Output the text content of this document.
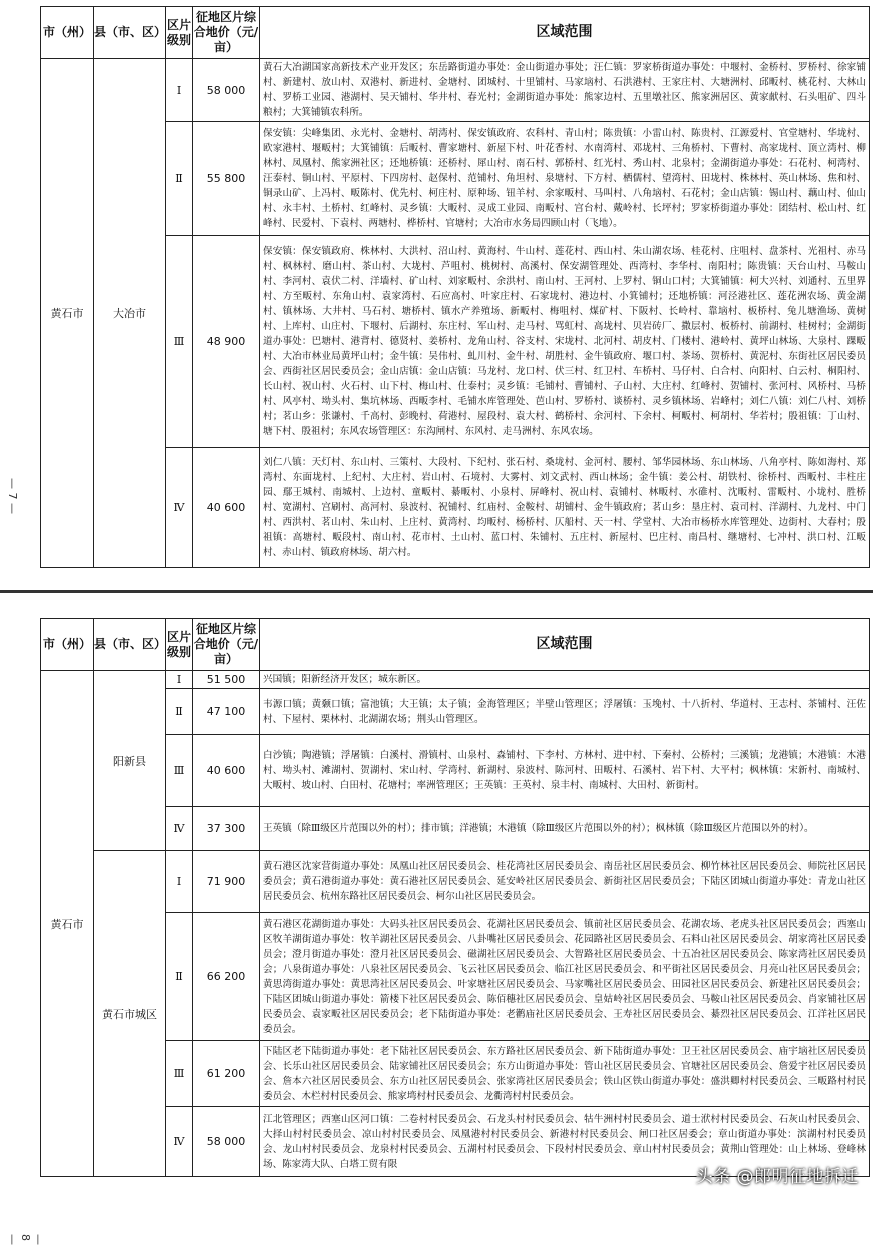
— 7 —
市（州）	县（市、区）	区片级别	征地区片综合地价（元/亩）	区域范围
黄石市	大冶市	Ⅰ	58 000	黄石大冶湖国家高新技术产业开发区；东岳路街道办事处：金山街道办事处；汪仁镇：罗家桥街道办事处：中堰村、金桥村、罗桥村、徐家铺村、新建村、放山村、双港村、新进村、金塘村、团城村、十里铺村、马家垴村、石洪港村、王家庄村、大塘洲村、邱畈村、桃花村、大林山村、罗桥工业园、港湖村、吴天铺村、华井村、春光村；金湖街道办事处：熊家边村、五里墩社区、熊家洲居区、黄家献村、石头咀矿、四斗粮村；大箕铺镇农科所。
		Ⅱ	55 800	保安镇：尖峰集团、永光村、金塘村、胡湾村、保安镇政府、农科村、青山村；陈贵镇：小雷山村、陈贵村、江源爱村、官堂塘村、华垅村、欧家港村、堰畈村；大箕铺镇：后畈村、曹家塘村、新屋下村、叶花香村、水南湾村、邓垅村、三角桥村、下曹村、高家垅村、顶立湾村、柳林村、凤凰村、熊家洲社区；还地桥镇：还桥村、犀山村、南石村、郭桥村、红光村、秀山村、北泉村；金湖街道办事处：石花村、柯湾村、汪泰村、铜山村、平原村、下四房村、赵保村、范铺村、角坦村、泉塘村、下方村、栖儒村、望湾村、田垅村、株林村、英山林场、焦和村、铜录山矿、上冯村、畈陈村、优先村、柯庄村、原种场、钮羊村、余家畈村、马叫村、八角垴村、石花村；金山店镇：锡山村、藕山村、仙山村、永丰村、土桥村、红峰村、灵乡镇：大畈村、灵成工业园、南畈村、宫台村、戴岭村、长坪村；罗家桥街道办事处：团结村、松山村、红峰村、民爱村、下袁村、两塘村、桦桥村、官塘村；大冶市水务局四顾山村（飞地）。
		Ⅲ	48 900	保安镇：保安镇政府、株林村、大洪村、沼山村、黄海村、牛山村、莲花村、西山村、朱山湖农场、桂花村、庄咀村、盘茶村、光祖村、赤马村、枫林村、磨山村、茶山村、大垅村、芦咀村、桃树村、高溪村、保安湖管理处、西湾村、李华村、南阳村；陈贵镇：天台山村、马鞍山村、李河村、袁伏二村、洋墙村、矿山村、刘家畈村、余洪村、南山村、王河村、上罗村、铜山口村；大箕铺镇：柯大兴村、刘通村、五里界村、方至畈村、东角山村、袁家湾村、石应高村、叶家庄村、石家垅村、港边村、小箕铺村；还地桥镇：河泾港社区、莲花洲农场、黄金湖村、镇林场、大井村、马石村、塘桥村、镇水产养殖场、新畈村、梅咀村、煤矿村、下阪村、长岭村、靠垴村、板桥村、兔儿塘渔场、黄树村、上库村、山庄村、下堰村、后湖村、东庄村、军山村、走马村、骂虹村、高垅村、贝岩砖厂、撒层村、板桥村、前湖村、桂树村；金湖街道办事处：巴塘村、港背村、德贤村、姜桥村、龙角山村、谷支村、宋垅村、北河村、胡皮村、门楼村、港岭村、黄坪山林场、大泉村、踝畈村、大冶市林业局黄坪山村；金牛镇：吴伟村、虬川村、金牛村、胡胜村、金牛镇政府、堰口村、茶场、贺桥村、黄泥村、东街社区居民委员会、西街社区居民委员会；金山店镇：金山店镇：马龙村、龙口村、伏三村、红卫村、车桥村、马仔村、白合村、向阳村、白云村、桐阳村、长山村、祝山村、火石村、山下村、梅山村、仕泰村；灵乡镇：毛铺村、曹铺村、子山村、大庄村、红峰村、贺铺村、张河村、风桥村、马桥村、风亭村、坳头村、集坑林场、西畈李村、毛铺水库管理处、芭山村、罗桥村、谈桥村、灵乡镇林场、岩峰村；刘仁八镇：刘仁八村、刘桥村；茗山乡：张谦村、千高村、彭晚村、荷港村、屋段村、袁大村、鹤桥村、余河村、下余村、柯畈村、柯胡村、华若村；殷祖镇：丁山村、塘下村、殷祖村；东风农场管理区：东沟闸村、东风村、走马洲村、东风农场。
		Ⅳ	40 600	刘仁八镇：天灯村、东山村、三策村、大段村、下纪村、张石村、桑垅村、金河村、腰村、邹华园林场、东山林场、八角亭村、陈如海村、郑湾村、东面垅村、上纪村、大庄村、岩山村、石境村、大雾村、刘文武村、西山林场；金牛镇：姜公村、胡铁村、徐桥村、西畈村、丰柱庄园、鄢王城村、南城村、上边村、童畈村、綦畈村、小泉村、屏峰村、祝山村、袁铺村、林畈村、水碓村、沈畈村、雷畈村、小垅村、胜桥村、宽湖村、宫刷村、高河村、泉波村、祝铺村、红庙村、金鞍村、胡铺村、金牛镇政府；茗山乡：垦庄村、袁司村、洋湖村、九龙村、中门村、西洪村、茗山村、朱山村、上庄村、黄湾村、均畈村、杨桥村、仄船村、天一村、学堂村、大冶市杨桥水库管理处、边街村、大春村；殷祖镇：高塘村、畈段村、南山村、花市村、土山村、蓝口村、朱铺村、五庄村、新屋村、巴庄村、南昌村、继塘村、七冲村、洪口村、江畈村、赤山村、镇政府林场、胡六村。
— 8 —
市（州）	县（市、区）	区片级别	征地区片综合地价（元/亩）	区域范围
黄石市	阳新县	Ⅰ	51 500	兴国镇；阳新经济开发区；城东新区。
		Ⅱ	47 100	韦源口镇；黄颡口镇；富池镇；大王镇；太子镇；金海管理区；半壁山管理区；浮屠镇：玉堍村、十八折村、华道村、王志村、茶铺村、汪佐村、下屋村、栗林村、北湖湖农场；荆头山管理区。
		Ⅲ	40 600	白沙镇；陶港镇；浮屠镇：白溪村、滑镇村、山泉村、森铺村、下李村、方林村、进中村、下秦村、公桥村；三溪镇；龙港镇；木港镇：木港村、坳头村、滩湖村、贺湖村、宋山村、学湾村、新湖村、泉波村、陈河村、田畈村、石溪村、岩下村、大平村；枫林镇：宋新村、南城村、大畈村、坡山村、白田村、花塘村；率洲管理区；王英镇：王英村、泉丰村、南城村、大田村、新街村。
		Ⅳ	37 300	王英镇（除Ⅲ级区片范围以外的村）；排市镇；洋港镇；木港镇（除Ⅲ级区片范围以外的村）；枫林镇（除Ⅲ级区片范围以外的村）。
	黄石市城区	Ⅰ	71 900	黄石港区沈家营街道办事处：凤凰山社区居民委员会、桂花湾社区居民委员会、南岳社区居民委员会、柳竹林社区居民委员会、师院社区居民委员会；黄石港街道办事处：黄石港社区居民委员会、延安岭社区居民委员会、新街社区居民委员会；下陆区团城山街道办事处：青龙山社区居民委员会、杭州东路社区居民委员会、柯尔山社区居民委员会。
		Ⅱ	66 200	黄石港区花湖街道办事处：大码头社区居民委员会、花湖社区居民委员会、镇前社区居民委员会、花湖农场、老虎头社区居民委员会；西塞山区牧羊湖街道办事处：牧羊湖社区居民委员会、八卦嘴社区居民委员会、花园路社区居民委员会、石料山社区居民委员会、胡家湾社区居民委员会；澄月街道办事处：澄月社区居民委员会、磁湖社区居民委员会、大智路社区居民委员会、十五冶社区居民委员会、陈家湾社区居民委员会；八泉街道办事处：八泉社区居民委员会、飞云社区居民委员会、临江社区居民委员会、和平街社区居民委员会、月亮山社区居民委员会；黄思湾街道办事处：黄思湾社区居民委员会、叶家塘社区居民委员会、马家嘴社区居民委员会、田园社区居民委员会、新建社区居民委员会；下陆区团城山街道办事处：箭楼下社区居民委员会、陈佰穗社区居民委员会、皇姑岭社区居民委员会、马鞍山社区居民委员会、肖家铺社区居民委员会、袁家畈社区居民委员会；老下陆街道办事处：老鹳庙社区居民委员会、王寿社区居民委员会、綦烈社区居民委员会、江洋社区居民委员会。
		Ⅲ	61 200	下陆区老下陆街道办事处：老下陆社区居民委员会、东方路社区居民委员会、新下陆街道办事处：卫王社区居民委员会、庙宇垴社区居民委员会、长乐山社区居民委员会、陆家铺社区居民委员会；东方山街道办事处：管山社区居民委员会、官塘社区居民委员会、詹爱宇社区居民委员会、詹本六社区居民委员会、东方山社区居民委员会、张家湾社区居民委员会；铁山区铁山街道办事处：盛洪卿村村民委员会、三畈路村村民委员会、木栏村村民委员会、熊家塆村村民委员会、龙衢湾村村民委员会。
		Ⅳ	58 000	江北管理区；西塞山区河口镇：二卷村村民委员会、石龙头村村民委员会、牯牛洲村村民委员会、道士洑村村民委员会、石灰山村民委员会、大择山村村民委员会、凉山村村民委员会、凤凰港村村民委员会、新港村村民委员会、闸口社区居委会；章山街道办事处：滨湖村村民委员会、龙山村村民委员会、龙泉村村民委员会、五湖村村民委员会、下段村村民委员会、章山村村民委员会；黄荆山管理处：山上林场、登峰林场、陈家湾大队、白塔工贸有限
头条 @郎明征地拆迁
